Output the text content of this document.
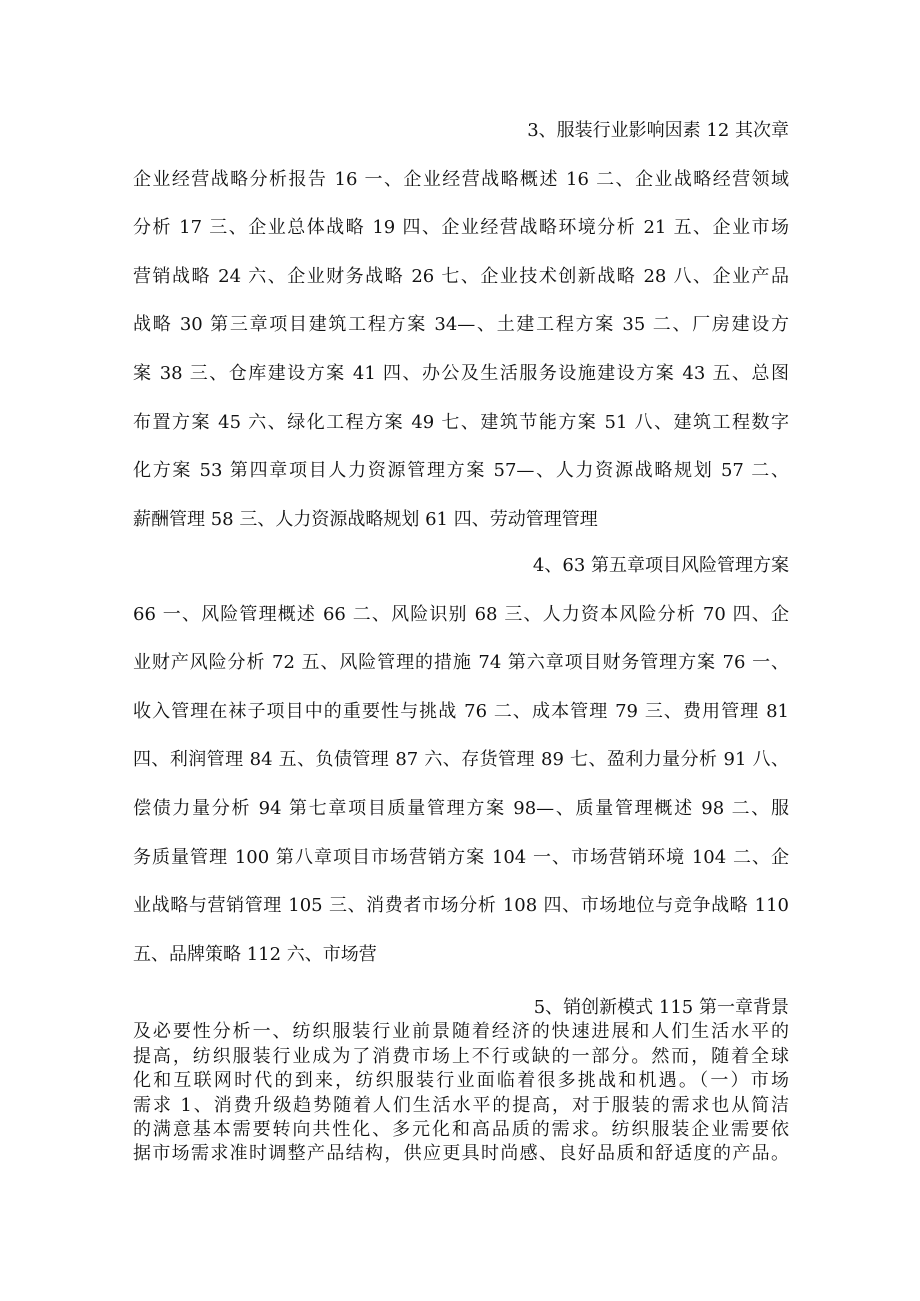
3、服装行业影响因素 12 其次章
企业经营战略分析报告 16 一、企业经营战略概述 16 二、企业战略经营领域
分析 17 三、企业总体战略 19 四、企业经营战略环境分析 21 五、企业市场
营销战略 24 六、企业财务战略 26 七、企业技术创新战略 28 八、企业产品
战略 30 第三章项目建筑工程方案 34—、土建工程方案 35 二、厂房建设方
案 38 三、仓库建设方案 41 四、办公及生活服务设施建设方案 43 五、总图
布置方案 45 六、绿化工程方案 49 七、建筑节能方案 51 八、建筑工程数字
化方案 53 第四章项目人力资源管理方案 57—、人力资源战略规划 57 二、
薪酬管理 58 三、人力资源战略规划 61 四、劳动管理管理
4、63 第五章项目风险管理方案
66 一、风险管理概述 66 二、风险识别 68 三、人力资本风险分析 70 四、企
业财产风险分析 72 五、风险管理的措施 74 第六章项目财务管理方案 76 一、
收入管理在袜子项目中的重要性与挑战 76 二、成本管理 79 三、费用管理 81
四、利润管理 84 五、负债管理 87 六、存货管理 89 七、盈利力量分析 91 八、
偿债力量分析 94 第七章项目质量管理方案 98—、质量管理概述 98 二、服
务质量管理 100 第八章项目市场营销方案 104 一、市场营销环境 104 二、企
业战略与营销管理 105 三、消费者市场分析 108 四、市场地位与竞争战略 110
五、品牌策略 112 六、市场营
5、销创新模式 115 第一章背景
及必要性分析一、纺织服装行业前景随着经济的快速进展和人们生活水平的
提高，纺织服装行业成为了消费市场上不行或缺的一部分。然而，随着全球
化和互联网时代的到来，纺织服装行业面临着很多挑战和机遇。（一）市场
需求 1、消费升级趋势随着人们生活水平的提高，对于服装的需求也从简洁
的满意基本需要转向共性化、多元化和高品质的需求。纺织服装企业需要依
据市场需求准时调整产品结构，供应更具时尚感、良好品质和舒适度的产品。
